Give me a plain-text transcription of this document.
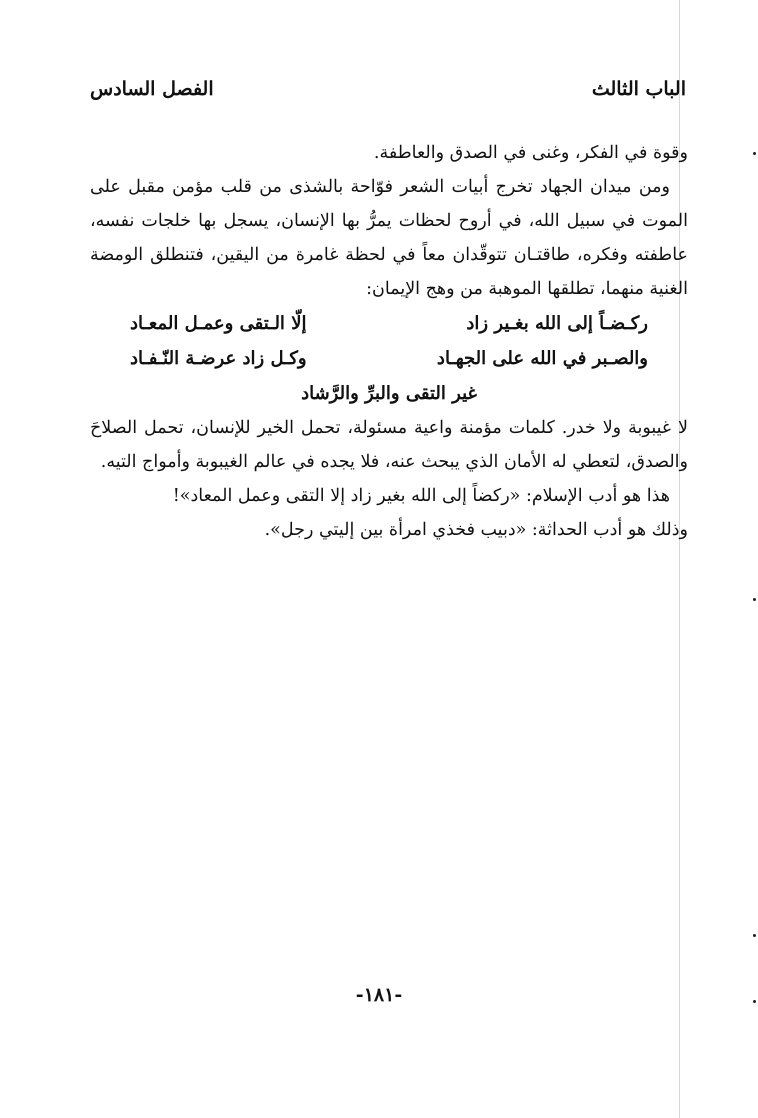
الباب الثالث
الفصل السادس

وقوة في الفكر، وغنى في الصدق والعاطفة.

ومن ميدان الجهاد تخرج أبيات الشعر فوّاحة بالشذى من قلب مؤمن مقبل على الموت في سبيل الله، في أروح لحظات يمرُّ بها الإنسان، يسجل بها خلجات نفسه، عاطفته وفكره، طاقتـان تتوقّدان معاً في لحظة غامرة من اليقين، فتنطلق الومضة الغنية منهما، تطلقها الموهبة من وهج الإيمان:

ركـضـاً إلى الله بغـير زاد
إلّا الـتقى وعمـل المعـاد
والصـبر في الله على الجهـاد
وكـل زاد عرضـة النّـفـاد
غير التقى والبرِّ والرَّشاد

لا غيبوبة ولا خدر. كلمات مؤمنة واعية مسئولة، تحمل الخير للإنسان، تحمل الصلاحَ والصدق، لتعطي له الأمان الذي يبحث عنه، فلا يجده في عالم الغيبوبة وأمواج التيه.

هذا هو أدب الإسلام: «ركضاً إلى الله بغير زاد إلا التقى وعمل المعاد»!

وذلك هو أدب الحداثة: «دبيب فخذي امرأة بين إليتي رجل».

-١٨١-
